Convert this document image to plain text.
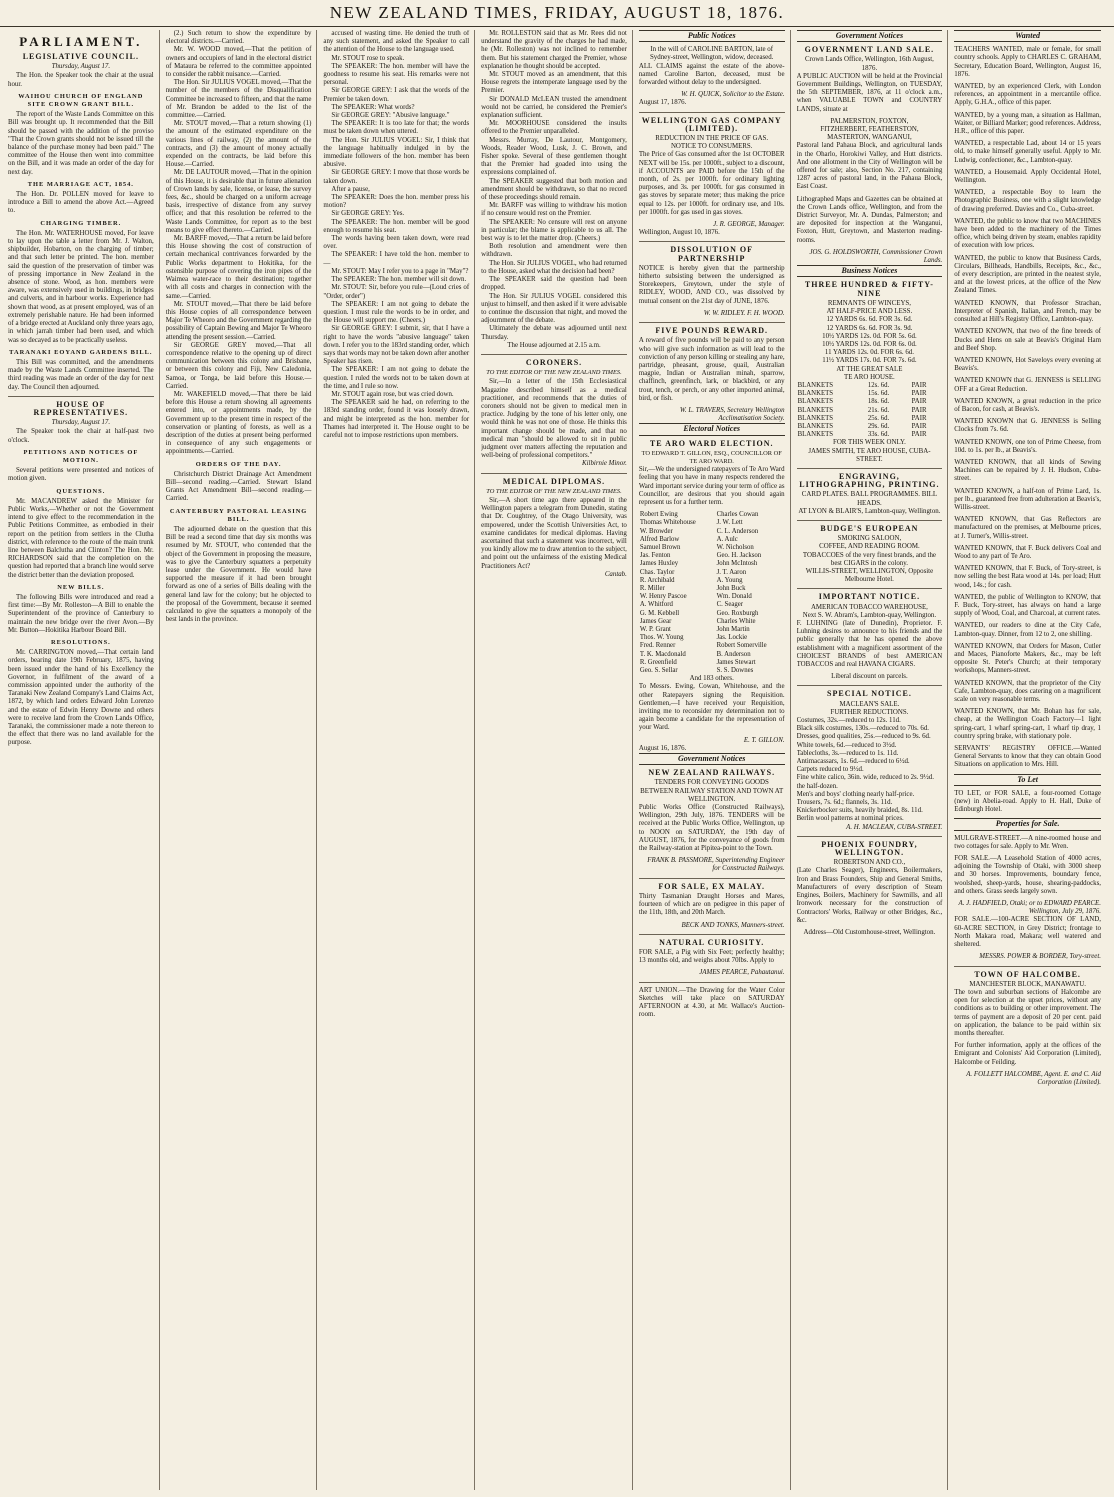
NEW ZEALAND TIMES, FRIDAY, AUGUST 18, 1876.
PARLIAMENT.
LEGISLATIVE COUNCIL.
Thursday, August 17.
The Hon. the Speaker took the chair at the usual hour.
WAIHOU CHURCH OF ENGLAND SITE CROWN GRANT BILL.
The report of the Waste Lands Committee on this Bill was brought up. It recommended that the Bill should be passed with the addition of the proviso "That the Crown grants should not be issued till the balance of the purchase money had been paid." The committee of the House then went into committee on the Bill, and it was made an order of the day for next day.
THE MARRIAGE ACT, 1854.
The Hon. Dr. POLLEN moved for leave to introduce a Bill to amend the above Act.—Agreed to.
CHARGING TIMBER.
The Hon. Mr. WATERHOUSE moved, For leave to lay upon the table a letter from Mr. J. Walton, shipbuilder, Hobarton, on the charging of timber; and that such letter be printed. The hon. member said the question of the preservation of timber was of pressing importance in New Zealand in the absence of stone. Wood, as hon. members were aware, was extensively used in buildings, in bridges and culverts, and in harbour works. Experience had shown that wood, as at present employed, was of an extremely perishable nature. He had been informed of a bridge erected at Auckland only three years ago, in which jarrah timber had been used, and which was so decayed as to be practically useless.
TARANAKI EOYAND GARDENS BILL.
This Bill was committed, and the amendments made by the Waste Lands Committee inserted. The third reading was made an order of the day for next day. The Council then adjourned.
HOUSE OF REPRESENTATIVES.
Thursday, August 17.
The Speaker took the chair at half-past two o'clock.
PETITIONS AND NOTICES OF MOTION.
Several petitions were presented and notices of motion given.
QUESTIONS.
Mr. MACANDREW asked the Minister for Public Works,—Whether or not the Government intend to give effect to the recommendation in the Public Petitions Committee, as embodied in their report on the petition from settlers in the Clutha district, with reference to the route of the main trunk line between Balclutha and Clinton? The Hon. Mr. RICHARDSON said that the completion on the question had reported that a branch line would serve the district better than the deviation proposed.
NEW BILLS.
The following Bills were introduced and read a first time:—By Mr. Rolleston—A Bill to enable the Superintendent of the province of Canterbury to maintain the new bridge over the river Avon.—By Mr. Button—Hokitika Harbour Board Bill.
RESOLUTIONS.
Mr. CARRINGTON moved,—That certain land orders, bearing date 19th February, 1875, having been issued under the hand of his Excellency the Governor, in fulfilment of the award of a commission appointed under the authority of the Taranaki New Zealand Company's Land Claims Act, 1872, by which land orders Edward John Lorenzo and the estate of Edwin Henry Downe and others were to receive land from the Crown Lands Office, Taranaki, the commissioner made a note thereon to the effect that there was no land available for the purpose.
(2.) Such return to show the expenditure by electoral districts.—Carried.
Mr. W. WOOD moved,—That the petition of owners and occupiers of land in the electoral district of Mataura be referred to the committee appointed to consider the rabbit nuisance.—Carried.
The Hon. Sir JULIUS VOGEL moved,—That the number of the members of the Disqualification Committee be increased to fifteen, and that the name of Mr. Brandon be added to the list of the committee.—Carried.
Mr. STOUT moved,—That a return showing (1) the amount of the estimated expenditure on the various lines of railway, (2) the amount of the contracts, and (3) the amount of money actually expended on the contracts, be laid before this House.—Carried.
Mr. DE LAUTOUR moved,—That in the opinion of this House, it is desirable that in future alienation of Crown lands by sale, license, or lease, the survey fees, &c., should be charged on a uniform acreage basis, irrespective of distance from any survey office; and that this resolution be referred to the Waste Lands Committee, for report as to the best means to give effect thereto.—Carried.
Mr. BARFF moved,—That a return be laid before this House showing the cost of construction of certain mechanical contrivances forwarded by the Public Works department to Hokitika, for the ostensible purpose of covering the iron pipes of the Waimea water-race to their destination; together with all costs and charges in connection with the same.—Carried.
Mr. STOUT moved,—That there be laid before this House copies of all correspondence between Major Te Wheoro and the Government regarding the possibility of Captain Bewing and Major Te Wheoro attending the present session.—Carried.
Sir GEORGE GREY moved,—That all correspondence relative to the opening up of direct communication between this colony and Brisbane, or between this colony and Fiji, New Caledonia, Samoa, or Tonga, be laid before this House.—Carried.
Mr. WAKEFIELD moved,—That there be laid before this House a return showing all agreements entered into, or appointments made, by the Government up to the present time in respect of the conservation or planting of forests, as well as a description of the duties at present being performed in consequence of any such engagements or appointments.—Carried.
ORDERS OF THE DAY.
Christchurch District Drainage Act Amendment Bill—second reading.—Carried. Stewart Island Grants Act Amendment Bill—second reading.—Carried.
CANTERBURY PASTORAL LEASING BILL.
The adjourned debate on the question that this Bill be read a second time that day six months was resumed by Mr. STOUT, who contended that the object of the Government in proposing the measure, was to give the Canterbury squatters a perpetuity lease under the Government. He would have supported the measure if it had been brought forward as one of a series of Bills dealing with the general land law for the colony; but he objected to the proposal of the Government, because it seemed calculated to give the squatters a monopoly of the best lands in the province.
accused of wasting time. He denied the truth of any such statement, and asked the Speaker to call the attention of the House to the language used.
Mr. STOUT rose to speak.
The SPEAKER: The hon. member will have the goodness to resume his seat. His remarks were not personal.
Sir GEORGE GREY: I ask that the words of the Premier be taken down.
The SPEAKER: What words?
Sir GEORGE GREY: "Abusive language."
The SPEAKER: It is too late for that; the words must be taken down when uttered.
The Hon. Sir JULIUS VOGEL: Sir, I think that the language habitually indulged in by the immediate followers of the hon. member has been abusive.
Sir GEORGE GREY: I move that those words be taken down.
After a pause,
The SPEAKER: Does the hon. member press his motion?
Sir GEORGE GREY: Yes.
The SPEAKER: The hon. member will be good enough to resume his seat.
The words having been taken down, were read over.
The SPEAKER: I have told the hon. member to—
Mr. STOUT: May I refer you to a page in "May"?
The SPEAKER: The hon. member will sit down.
Mr. STOUT: Sir, before you rule—(Loud cries of "Order, order")
The SPEAKER: I am not going to debate the question. I must rule the words to be in order, and the House will support me. (Cheers.)
Sir GEORGE GREY: I submit, sir, that I have a right to have the words "abusive language" taken down. I refer you to the 183rd standing order, which says that words may not be taken down after another Speaker has risen.
The SPEAKER: I am not going to debate the question. I ruled the words not to be taken down at the time, and I rule so now.
Mr. STOUT again rose, but was cried down.
The SPEAKER said he had, on referring to the 183rd standing order, found it was loosely drawn, and might be interpreted as the hon. member for Thames had interpreted it. The House ought to be careful not to impose restrictions upon members.
Mr. ROLLESTON said that as Mr. Rees did not understand the gravity of the charges he had made, he (Mr. Rolleston) was not inclined to remember them. But his statement charged the Premier, whose explanation he thought should be accepted.
Mr. STOUT moved as an amendment, that this House regrets the intemperate language used by the Premier.
Sir DONALD McLEAN trusted the amendment would not be carried, he considered the Premier's explanation sufficient.
Mr. MOORHOUSE considered the insults offered to the Premier unparalleled.
Messrs. Murray, De Lautour, Montgomery, Woods, Reader Wood, Lusk, J. C. Brown, and Fisher spoke. Several of these gentlemen thought that the Premier had goaded into using the expressions complained of.
The SPEAKER suggested that both motion and amendment should be withdrawn, so that no record of these proceedings should remain.
Mr. BARFF was willing to withdraw his motion if no censure would rest on the Premier.
The SPEAKER: No censure will rest on anyone in particular; the blame is applicable to us all. The best way is to let the matter drop. (Cheers.)
Both resolution and amendment were then withdrawn.
The Hon. Sir JULIUS VOGEL, who had returned to the House, asked what the decision had been?
The SPEAKER said the question had been dropped.
The Hon. Sir JULIUS VOGEL considered this unjust to himself, and then asked if it were advisable to continue the discussion that night, and moved the adjournment of the debate.
Ultimately the debate was adjourned until next Thursday.
The House adjourned at 2.15 a.m.
CORONERS.
TO THE EDITOR OF THE NEW ZEALAND TIMES.
Sir,—In a letter of the 15th Ecclesiastical Magazine described himself as a medical practitioner, and recommends that the duties of coroners should not be given to medical men in practice. Judging by the tone of his letter only, one would think he was not one of those. He thinks this important change should be made, and that no medical man "should be allowed to sit in public judgment over matters affecting the reputation and well-being of professional competitors."
Kilbirnie Minor.
MEDICAL DIPLOMAS.
TO THE EDITOR OF THE NEW ZEALAND TIMES.
Sir,—A short time ago there appeared in the Wellington papers a telegram from Dunedin, stating that Dr. Coughtrey, of the Otago University, was empowered, under the Scottish Universities Act, to examine candidates for medical diplomas. Having ascertained that such a statement was incorrect, will you kindly allow me to draw attention to the subject, and point out the unfairness of the existing Medical Practitioners Act?
Cantab.
Public Notices
In the will of CAROLINE BARTON, late of Sydney-street, Wellington, widow, deceased.
ALL CLAIMS against the estate of the above-named Caroline Barton, deceased, must be forwarded without delay to the undersigned.
W. H. QUICK, Solicitor to the Estate.
August 17, 1876.
WELLINGTON GAS COMPANY (LIMITED).
REDUCTION IN THE PRICE OF GAS.
NOTICE TO CONSUMERS.
The Price of Gas consumed after the 1st OCTOBER NEXT will be 15s. per 1000ft., subject to a discount, if ACCOUNTS are PAID before the 15th of the month, of 2s. per 1000ft. for ordinary lighting purposes, and 3s. per 1000ft. for gas consumed in gas stoves by separate meter; thus making the price equal to 12s. per 1000ft. for ordinary use, and 10s. per 1000ft. for gas used in gas stoves.
J. R. GEORGE, Manager.
Wellington, August 10, 1876.
DISSOLUTION OF PARTNERSHIP
NOTICE is hereby given that the partnership hitherto subsisting between the undersigned as Storekeepers, Greytown, under the style of RIDLEY, WOOD, AND CO., was dissolved by mutual consent on the 21st day of JUNE, 1876.
W. W. RIDLEY. F. H. WOOD.
FIVE POUNDS REWARD.
A reward of five pounds will be paid to any person who will give such information as will lead to the conviction of any person killing or stealing any hare, partridge, pheasant, grouse, quail, Australian magpie, Indian or Australian minah, sparrow, chaffinch, greenfinch, lark, or blackbird, or any trout, tench, or perch, or any other imported animal, bird, or fish.
W. L. TRAVERS, Secretary Wellington Acclimatisation Society.
Electoral Notices
TE ARO WARD ELECTION.
TO EDWARD T. GILLON, ESQ., COUNCILLOR OF TE ARO WARD.
Sir,—We the undersigned ratepayers of Te Aro Ward feeling that you have in many respects rendered the Ward important service during your term of office as Councillor, are desirous that you should again represent us for a further term.
Robert Ewing	Charles Cowan
Thomas Whitehouse	J. W. Lett
W. Browder	C. L. Anderson
Alfred Barlow	A. Aulc
Samuel Brown	W. Nicholson
Jas. Fenton	Geo. H. Jackson
James Huxley	John McIntosh
Chas. Taylor	J. T. Aaron
R. Archibald	A. Young
R. Miller	John Buck
W. Henry Pascoe	Wm. Donald
A. Whitford	C. Seager
G. M. Kebbell	Geo. Roxburgh
James Gear	Charles White
W. P. Grant	John Martin
Thos. W. Young	Jas. Lockie
Fred. Renner	Robert Somerville
T. K. Macdonald	B. Anderson
R. Greenfield	James Stewart
Geo. S. Sellar	S. S. Downes
And 183 others.
To Messrs. Ewing, Cowan, Whitehouse, and the other Ratepayers signing the Requisition. Gentlemen,—I have received your Requisition, inviting me to reconsider my determination not to again become a candidate for the representation of your Ward.
E. T. GILLON.
August 16, 1876.
Government Notices
NEW ZEALAND RAILWAYS.
TENDERS FOR CONVEYING GOODS BETWEEN RAILWAY STATION AND TOWN AT WELLINGTON.
Public Works Office (Constructed Railways), Wellington, 29th July, 1876. TENDERS will be received at the Public Works Office, Wellington, up to NOON on SATURDAY, the 19th day of AUGUST, 1876, for the conveyance of goods from the Railway-station at Pipitea-point to the Town.
FRANK B. PASSMORE, Superintending Engineer for Constructed Railways.
FOR SALE, EX MALAY.
Thirty Tasmanian Draught Horses and Mares, fourteen of which are on pedigree in this paper of the 11th, 18th, and 20th March.
BECK AND TONKS, Manners-street.
NATURAL CURIOSITY.
FOR SALE, a Pig with Six Feet; perfectly healthy; 13 months old, and weighs about 70lbs. Apply to
JAMES PEARCE, Pahautanui.
ART UNION.—The Drawing for the Water Color Sketches will take place on SATURDAY AFTERNOON at 4.30, at Mr. Wallace's Auction-room.
Government Notices
GOVERNMENT LAND SALE.
Crown Lands Office, Wellington, 16th August, 1876.
A PUBLIC AUCTION will be held at the Provincial Government Buildings, Wellington, on TUESDAY, the 5th SEPTEMBER, 1876, at 11 o'clock a.m., when VALUABLE TOWN and COUNTRY LANDS, situate at
PALMERSTON, FOXTON,
FITZHERBERT, FEATHERSTON,
MASTERTON, WANGANUI,
Pastoral land Pahaua Block, and agricultural lands in the Oharlo, Horokiwi Valley, and Hutt districts. And one allotment in the City of Wellington will be offered for sale; also, Section No. 217, containing 1287 acres of pastoral land, in the Pahaua Block, East Coast.
Lithographed Maps and Gazettes can be obtained at the Crown Lands office, Wellington, and from the District Surveyor, Mr. A. Dundas, Palmerston; and are deposited for inspection at the Wanganui, Foxton, Hutt, Greytown, and Masterton reading-rooms.
JOS. G. HOLDSWORTH, Commissioner Crown Lands.
Business Notices
THREE HUNDRED & FIFTY-NINE
REMNANTS OF WINCEYS,
AT HALF-PRICE AND LESS.
12 YARDS 6s. 6d. FOR 3s. 6d.
12 YARDS 6s. 6d. FOR 3s. 9d.
10½ YARDS 12s. 0d. FOR 5s. 6d.
10½ YARDS 12s. 0d. FOR 6s. 0d.
11 YARDS 12s. 0d. FOR 6s. 6d.
11½ YARDS 17s. 0d. FOR 7s. 6d.
AT THE GREAT SALE
TE ARO HOUSE.
BLANKETS	12s. 6d.	PAIR
BLANKETS	15s. 6d.	PAIR
BLANKETS	18s. 6d.	PAIR
BLANKETS	21s. 6d.	PAIR
BLANKETS	25s. 6d.	PAIR
BLANKETS	29s. 6d.	PAIR
BLANKETS	33s. 6d.	PAIR
FOR THIS WEEK ONLY.
JAMES SMITH, TE ARO HOUSE, CUBA-STREET.
ENGRAVING, LITHOGRAPHING, PRINTING.
CARD PLATES. BALL PROGRAMMES. BILL HEADS.
AT LYON & BLAIR'S, Lambton-quay, Wellington.
BUDGE'S EUROPEAN
SMOKING SALOON,
COFFEE, AND READING ROOM.
TOBACCOES of the very finest brands, and the best CIGARS in the colony.
WILLIS-STREET, WELLINGTON, Opposite Melbourne Hotel.
IMPORTANT NOTICE.
AMERICAN TOBACCO WAREHOUSE,
Next S. W. Abram's, Lambton-quay, Wellington.
F. LUHNING (late of Dunedin), Proprietor. F. Luhning desires to announce to his friends and the public generally that he has opened the above establishment with a magnificent assortment of the CHOICEST BRANDS of best AMERICAN TOBACCOS and real HAVANA CIGARS.
Liberal discount on parcels.
SPECIAL NOTICE.
MACLEAN'S SALE.
FURTHER REDUCTIONS.
Costumes, 32s.—reduced to 12s. 11d.
Black silk costumes, 130s.—reduced to 70s. 6d.
Dresses, good qualities, 25s.—reduced to 9s. 6d.
White towels, 6d.—reduced to 3½d.
Tablecloths, 3s.—reduced to 1s. 11d.
Antimacassars, 1s. 6d.—reduced to 6½d.
Carpets reduced to 9½d.
Fine white calico, 36in. wide, reduced to 2s. 9½d. the half-dozen.
Men's and boys' clothing nearly half-price.
Trousers, 7s. 6d.; flannels, 3s. 11d.
Knickerbocker suits, heavily braided, 8s. 11d.
Berlin wool patterns at nominal prices.
A. H. MACLEAN, CUBA-STREET.
PHOENIX FOUNDRY, WELLINGTON.
ROBERTSON AND CO.,
(Late Charles Seager), Engineers, Boilermakers, Iron and Brass Founders, Ship and General Smiths, Manufacturers of every description of Steam Engines, Boilers, Machinery for Sawmills, and all Ironwork necessary for the construction of Contractors' Works, Railway or other Bridges, &c., &c.
Address—Old Customhouse-street, Wellington.
Wanted
TEACHERS WANTED, male or female, for small country schools. Apply to CHARLES C. GRAHAM, Secretary, Education Board, Wellington, August 16, 1876.
WANTED, by an experienced Clerk, with London references, an appointment in a mercantile office. Apply, G.H.A., office of this paper.
WANTED, by a young man, a situation as Hallman, Waiter, or Billiard Marker; good references. Address, H.R., office of this paper.
WANTED, a respectable Lad, about 14 or 15 years old, to make himself generally useful. Apply to Mr. Ludwig, confectioner, &c., Lambton-quay.
WANTED, a Housemaid. Apply Occidental Hotel, Wellington.
WANTED, a respectable Boy to learn the Photographic Business, one with a slight knowledge of drawing preferred. Davies and Co., Cuba-street.
WANTED, the public to know that two MACHINES have been added to the machinery of the Times office, which being driven by steam, enables rapidity of execution with low prices.
WANTED, the public to know that Business Cards, Circulars, Billheads, Handbills, Receipts, &c., &c., of every description, are printed in the neatest style, and at the lowest prices, at the office of the New Zealand Times.
WANTED KNOWN, that Professor Strachan, Interpreter of Spanish, Italian, and French, may be consulted at Hill's Registry Office, Lambton-quay.
WANTED KNOWN, that two of the fine breeds of Ducks and Hens on sale at Beavis's Original Ham and Beef Shop.
WANTED KNOWN, Hot Saveloys every evening at Beavis's.
WANTED KNOWN that G. JENNESS is SELLING OFF at a Great Reduction.
WANTED KNOWN, a great reduction in the price of Bacon, for cash, at Beavis's.
WANTED KNOWN that G. JENNESS is Selling Clocks from 7s. 6d.
WANTED KNOWN, one ton of Prime Cheese, from 10d. to 1s. per lb., at Beavis's.
WANTED KNOWN, that all kinds of Sewing Machines can be repaired by J. H. Hudson, Cuba-street.
WANTED KNOWN, a half-ton of Prime Lard, 1s. per lb., guaranteed free from adulteration at Beavis's, Willis-street.
WANTED KNOWN, that Gas Reflectors are manufactured on the premises, at Melbourne prices, at J. Turner's, Willis-street.
WANTED KNOWN, that F. Buck delivers Coal and Wood to any part of Te Aro.
WANTED KNOWN, that F. Buck, of Tory-street, is now selling the best Rata wood at 14s. per load; Hutt wood, 14s.; for cash.
WANTED, the public of Wellington to KNOW, that F. Buck, Tory-street, has always on hand a large supply of Wood, Coal, and Charcoal, at current rates.
WANTED, our readers to dine at the City Cafe, Lambton-quay. Dinner, from 12 to 2, one shilling.
WANTED KNOWN, that Orders for Mason, Cutler and Maces, Pianoforte Makers, &c., may be left opposite St. Peter's Church; at their temporary workshops, Manners-street.
WANTED KNOWN, that the proprietor of the City Cafe, Lambton-quay, does catering on a magnificent scale on very reasonable terms.
WANTED KNOWN, that Mr. Bohan has for sale, cheap, at the Wellington Coach Factory—1 light spring-cart, 1 wharf spring-cart, 1 wharf tip dray, 1 country spring brake, with stationary pole.
SERVANTS' REGISTRY OFFICE.—Wanted General Servants to know that they can obtain Good Situations on application to Mrs. Hill.
To Let
TO LET, or FOR SALE, a four-roomed Cottage (new) in Abelia-road. Apply to H. Hall, Duke of Edinburgh Hotel.
Properties for Sale.
MULGRAVE-STREET.—A nine-roomed house and two cottages for sale. Apply to Mr. Wren.
FOR SALE.—A Leasehold Station of 4000 acres, adjoining the Township of Otaki, with 3000 sheep and 30 horses. Improvements, boundary fence, woolshed, sheep-yards, house, shearing-paddocks, and others. Grass seeds largely sown.
A. J. HADFIELD, Otaki; or to EDWARD PEARCE. Wellington, July 29, 1876.
FOR SALE.—100-ACRE SECTION OF LAND, 60-ACRE SECTION, in Grey District; frontage to North Makara road, Makara; well watered and sheltered.
MESSRS. POWER & BORDER, Tory-street.
TOWN OF HALCOMBE.
MANCHESTER BLOCK, MANAWATU.
The town and suburban sections of Halcombe are open for selection at the upset prices, without any conditions as to building or other improvement. The terms of payment are a deposit of 20 per cent. paid on application, the balance to be paid within six months thereafter.
For further information, apply at the offices of the Emigrant and Colonists' Aid Corporation (Limited), Halcombe or Feilding.
A. FOLLETT HALCOMBE, Agent. E. and C. Aid Corporation (Limited).
